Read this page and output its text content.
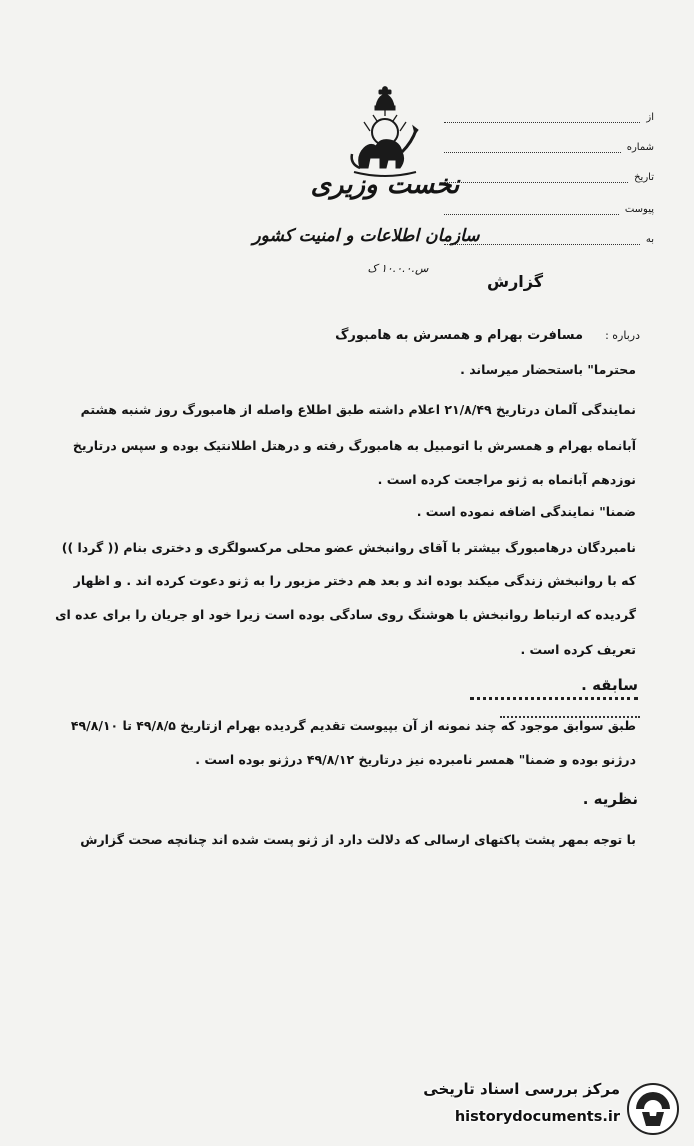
نخست وزیری
سازمان اطلاعات و امنیت کشور
س.۱۰.۰.۰ ک
از
شماره
تاریخ
پیوست
به
گزارش
درباره :مسافرت بهرام و همسرش به هامبورگ
محترما" باستحضار میرساند .
نمایندگی آلمان درتاریخ ۲۱/۸/۴۹ اعلام داشته طبق اطلاع واصله از هامبورگ روز شنبه هشتم
آبانماه بهرام و همسرش با اتومبیل به هامبورگ رفته و درهتل اطلانتیک بوده و سپس درتاریخ
نوزدهم آبانماه به ژنو مراجعت کرده است .
ضمنا" نمایندگی اضافه نموده است .
نامبردگان درهامبورگ بیشتر با آقای روانبخش عضو محلی مرکسولگری و دختری بنام (( گردا ))
که با روانبخش زندگی میکند بوده اند و بعد هم دختر مزبور را به ژنو دعوت کرده اند . و اظهار
گردیده که ارتباط روانبخش با هوشنگ روی سادگی بوده است زیرا خود او جریان را برای عده ای
تعریف کرده است .
سابقه .
طبق سوابق موجود که چند نمونه از آن بپیوست تقدیم گردیده بهرام ازتاریخ ۴۹/۸/۵ تا ۴۹/۸/۱۰
درژنو بوده و ضمنا" همسر نامبرده نیز درتاریخ ۴۹/۸/۱۲ درژنو بوده است .
نظریه .
با توجه بمهر پشت پاکتهای ارسالی که دلالت دارد از ژنو پست شده اند چنانچه صحت گزارش
مرکز بررسی اسناد تاریخی
historydocuments.ir
